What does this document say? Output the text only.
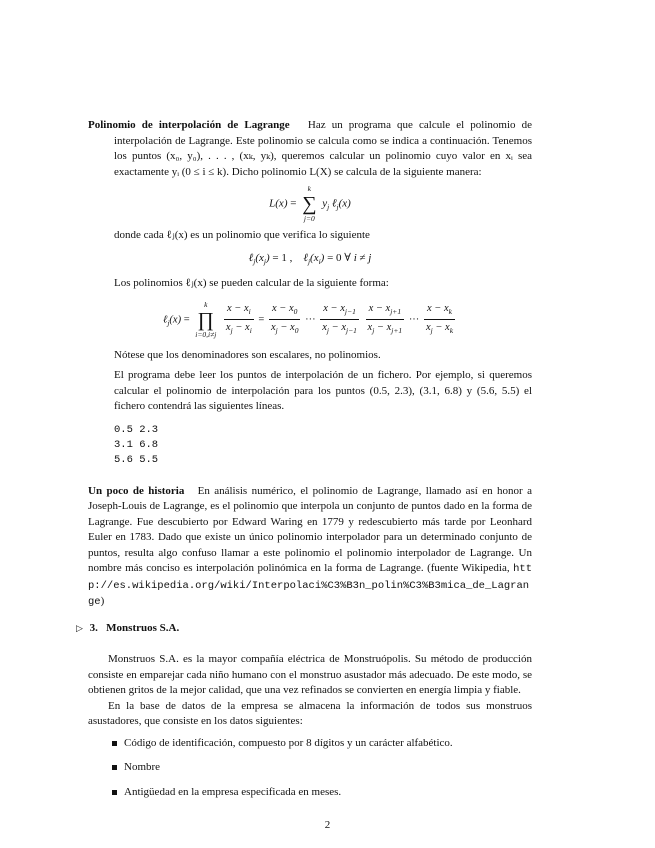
Polinomio de interpolación de Lagrange Haz un programa que calcule el polinomio de interpolación de Lagrange. Este polinomio se calcula como se indica a continuación. Tenemos los puntos (x₀, y₀), . . . , (xₖ, yₖ), queremos calcular un polinomio cuyo valor en xᵢ sea exactamente yᵢ (0 ≤ i ≤ k). Dicho polinomio L(X) se calcula de la siguiente manera:

L(x) =
k
∑
j=0
$y_j$ ℓ$_j$(x)

donde cada ℓⱼ(x) es un polinomio que verifica lo siguiente

$\ell_j(x_j) = 1$ ,    $\ell_j(x_i) = 0$ ∀ i ≠ j

Los polinomios ℓⱼ(x) se pueden calcular de la siguiente forma:

ℓ$_j$(x) =
k
∏
i=0,i≠j
$\frac{x - x_i}{x_j - x_i} = \frac{x - x_0}{x_j - x_0}$ ··· $\frac{x - x_{j-1}}{x_j - x_{j-1}}$
$\frac{x - x_{j+1}}{x_j - x_{j+1}}$ ··· $\frac{x - x_k}{x_j - x_k}$

Nótese que los denominadores son escalares, no polinomios.

El programa debe leer los puntos de interpolación de un fichero. Por ejemplo, si queremos calcular el polinomio de interpolación para los puntos (0.5, 2.3), (3.1, 6.8) y (5.6, 5.5) el fichero contendrá las siguientes líneas.

0.5 2.3
3.1 6.8
5.6 5.5

Un poco de historia En análisis numérico, el polinomio de Lagrange, llamado así en honor a Joseph-Louis de Lagrange, es el polinomio que interpola un conjunto de puntos dado en la forma de Lagrange. Fue descubierto por Edward Waring en 1779 y redescubierto más tarde por Leonhard Euler en 1783. Dado que existe un único polinomio interpolador para un determinado conjunto de puntos, resulta algo confuso llamar a este polinomio el polinomio interpolador de Lagrange. Un nombre más conciso es interpolación polinómica en la forma de Lagrange. (fuente Wikipedia, http://es.wikipedia.org/wiki/Interpolaci%C3%B3n_polin%C3%B3mica_de_Lagrange)

▷ 3. Monstruos S.A.

Monstruos S.A. es la mayor compañía eléctrica de Monstruópolis. Su método de producción consiste en emparejar cada niño humano con el monstruo asustador más adecuado. De este modo, se obtienen gritos de la mejor calidad, que una vez refinados se convierten en energía limpia y fiable.

En la base de datos de la empresa se almacena la información de todos sus monstruos asustadores, que consiste en los datos siguientes:

Código de identificación, compuesto por 8 dígitos y un carácter alfabético.
Nombre
Antigüedad en la empresa especificada en meses.
2
